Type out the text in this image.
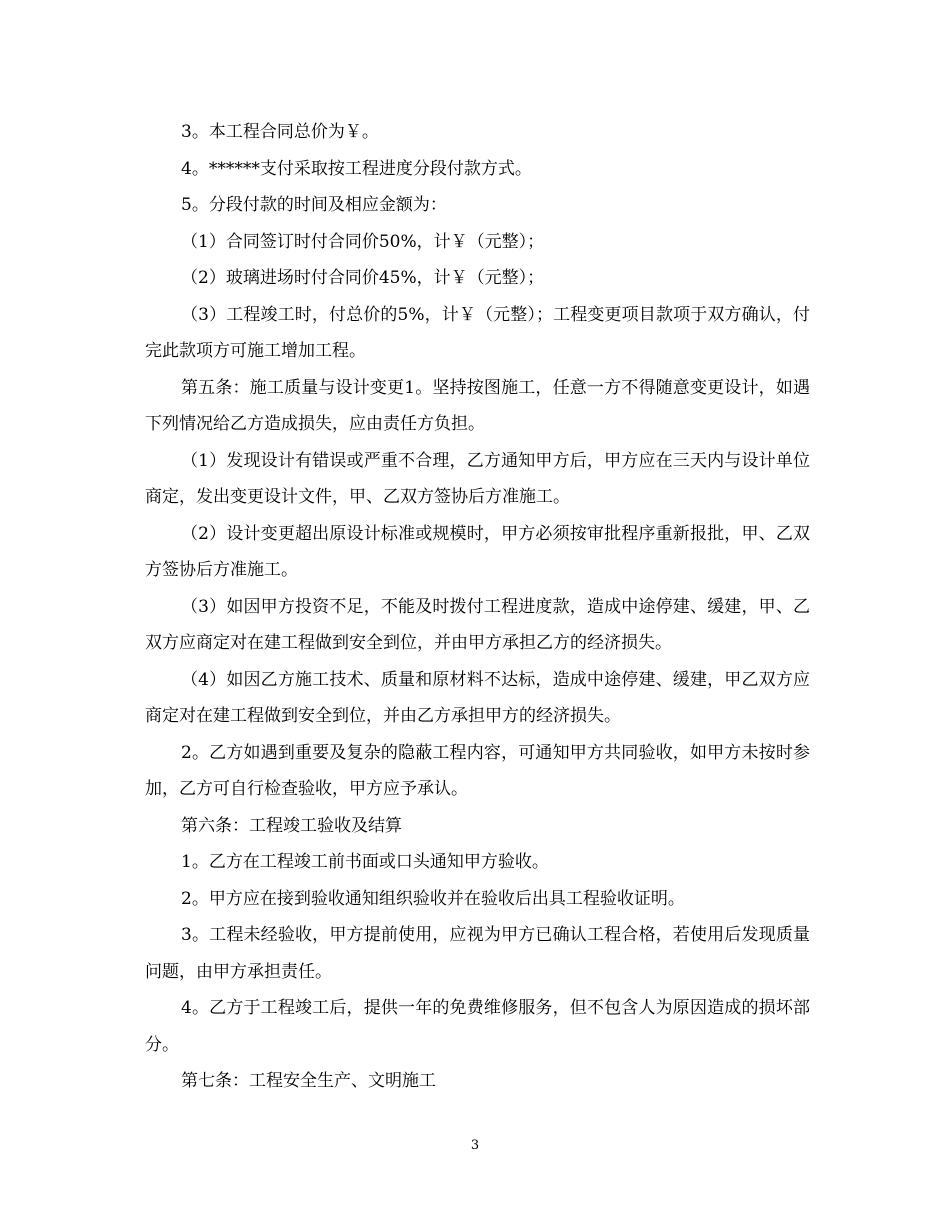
3。本工程合同总价为￥。

4。******支付采取按工程进度分段付款方式。

5。分段付款的时间及相应金额为：

（1）合同签订时付合同价50%，计￥（元整）；

（2）玻璃进场时付合同价45%，计￥（元整）；

（3）工程竣工时，付总价的5%，计￥（元整）；工程变更项目款项于双方确认，付完此款项方可施工增加工程。

第五条：施工质量与设计变更1。坚持按图施工，任意一方不得随意变更设计，如遇下列情况给乙方造成损失，应由责任方负担。

（1）发现设计有错误或严重不合理，乙方通知甲方后，甲方应在三天内与设计单位商定，发出变更设计文件，甲、乙双方签协后方准施工。

（2）设计变更超出原设计标准或规模时，甲方必须按审批程序重新报批，甲、乙双方签协后方准施工。

（3）如因甲方投资不足，不能及时拨付工程进度款，造成中途停建、缓建，甲、乙双方应商定对在建工程做到安全到位，并由甲方承担乙方的经济损失。

（4）如因乙方施工技术、质量和原材料不达标，造成中途停建、缓建，甲乙双方应商定对在建工程做到安全到位，并由乙方承担甲方的经济损失。

2。乙方如遇到重要及复杂的隐蔽工程内容，可通知甲方共同验收，如甲方未按时参加，乙方可自行检查验收，甲方应予承认。

第六条：工程竣工验收及结算

1。乙方在工程竣工前书面或口头通知甲方验收。

2。甲方应在接到验收通知组织验收并在验收后出具工程验收证明。

3。工程未经验收，甲方提前使用，应视为甲方已确认工程合格，若使用后发现质量问题，由甲方承担责任。

4。乙方于工程竣工后，提供一年的免费维修服务，但不包含人为原因造成的损坏部分。

第七条：工程安全生产、文明施工

3
